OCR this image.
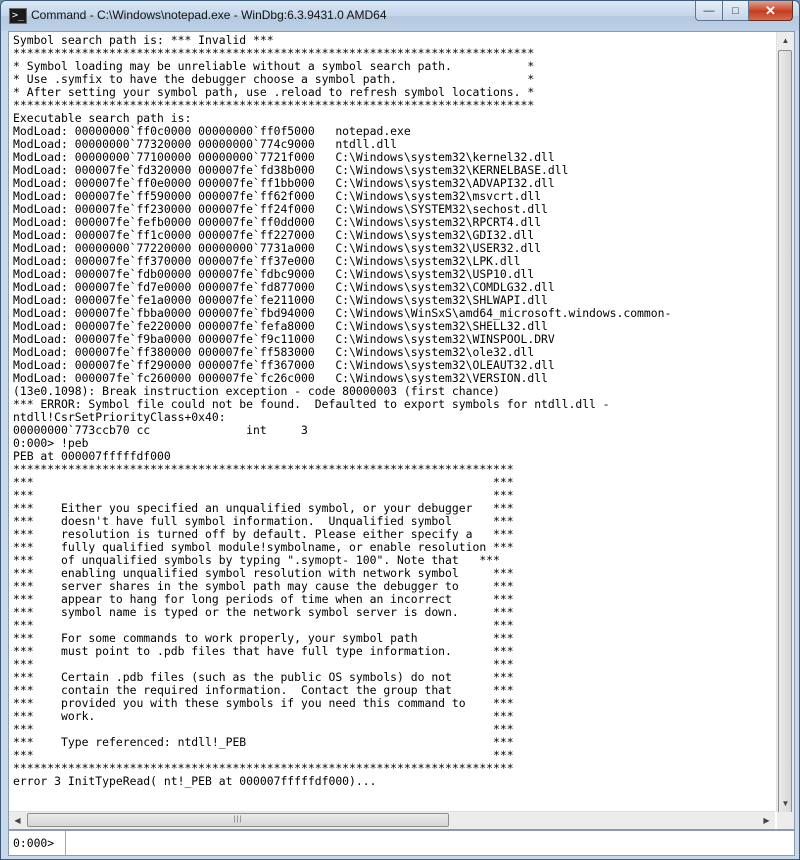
>_ Command - C:\Windows\notepad.exe - WinDbg:6.3.9431.0 AMD64	—	□	✕
Symbol search path is: *** Invalid ***
****************************************************************************
* Symbol loading may be unreliable without a symbol search path.           *
* Use .symfix to have the debugger choose a symbol path.                   *
* After setting your symbol path, use .reload to refresh symbol locations. *
****************************************************************************
Executable search path is:
ModLoad: 00000000`ff0c0000 00000000`ff0f5000   notepad.exe
ModLoad: 00000000`77320000 00000000`774c9000   ntdll.dll
ModLoad: 00000000`77100000 00000000`7721f000   C:\Windows\system32\kernel32.dll
ModLoad: 000007fe`fd320000 000007fe`fd38b000   C:\Windows\system32\KERNELBASE.dll
ModLoad: 000007fe`ff0e0000 000007fe`ff1bb000   C:\Windows\system32\ADVAPI32.dll
ModLoad: 000007fe`ff590000 000007fe`ff62f000   C:\Windows\system32\msvcrt.dll
ModLoad: 000007fe`ff230000 000007fe`ff24f000   C:\Windows\SYSTEM32\sechost.dll
ModLoad: 000007fe`fefb0000 000007fe`ff0dd000   C:\Windows\system32\RPCRT4.dll
ModLoad: 000007fe`ff1c0000 000007fe`ff227000   C:\Windows\system32\GDI32.dll
ModLoad: 00000000`77220000 00000000`7731a000   C:\Windows\system32\USER32.dll
ModLoad: 000007fe`ff370000 000007fe`ff37e000   C:\Windows\system32\LPK.dll
ModLoad: 000007fe`fdb00000 000007fe`fdbc9000   C:\Windows\system32\USP10.dll
ModLoad: 000007fe`fd7e0000 000007fe`fd877000   C:\Windows\system32\COMDLG32.dll
ModLoad: 000007fe`fe1a0000 000007fe`fe211000   C:\Windows\system32\SHLWAPI.dll
ModLoad: 000007fe`fbba0000 000007fe`fbd94000   C:\Windows\WinSxS\amd64_microsoft.windows.common-
ModLoad: 000007fe`fe220000 000007fe`fefa8000   C:\Windows\system32\SHELL32.dll
ModLoad: 000007fe`f9ba0000 000007fe`f9c11000   C:\Windows\system32\WINSPOOL.DRV
ModLoad: 000007fe`ff380000 000007fe`ff583000   C:\Windows\system32\ole32.dll
ModLoad: 000007fe`ff290000 000007fe`ff367000   C:\Windows\system32\OLEAUT32.dll
ModLoad: 000007fe`fc260000 000007fe`fc26c000   C:\Windows\system32\VERSION.dll
(13e0.1098): Break instruction exception - code 80000003 (first chance)
*** ERROR: Symbol file could not be found.  Defaulted to export symbols for ntdll.dll -
ntdll!CsrSetPriorityClass+0x40:
00000000`773ccb70 cc              int     3
0:000> !peb
PEB at 000007fffffdf000
*************************************************************************
***                                                                   ***
***                                                                   ***
***    Either you specified an unqualified symbol, or your debugger   ***
***    doesn't have full symbol information.  Unqualified symbol      ***
***    resolution is turned off by default. Please either specify a   ***
***    fully qualified symbol module!symbolname, or enable resolution ***
***    of unqualified symbols by typing ".symopt- 100". Note that   ***
***    enabling unqualified symbol resolution with network symbol     ***
***    server shares in the symbol path may cause the debugger to     ***
***    appear to hang for long periods of time when an incorrect      ***
***    symbol name is typed or the network symbol server is down.     ***
***                                                                   ***
***    For some commands to work properly, your symbol path           ***
***    must point to .pdb files that have full type information.      ***
***                                                                   ***
***    Certain .pdb files (such as the public OS symbols) do not      ***
***    contain the required information.  Contact the group that      ***
***    provided you with these symbols if you need this command to    ***
***    work.                                                          ***
***                                                                   ***
***    Type referenced: ntdll!_PEB                                    ***
***                                                                   ***
*************************************************************************
error 3 InitTypeRead( nt!_PEB at 000007fffffdf000)...
▲
▼
◀	|||	▶
0:000>
